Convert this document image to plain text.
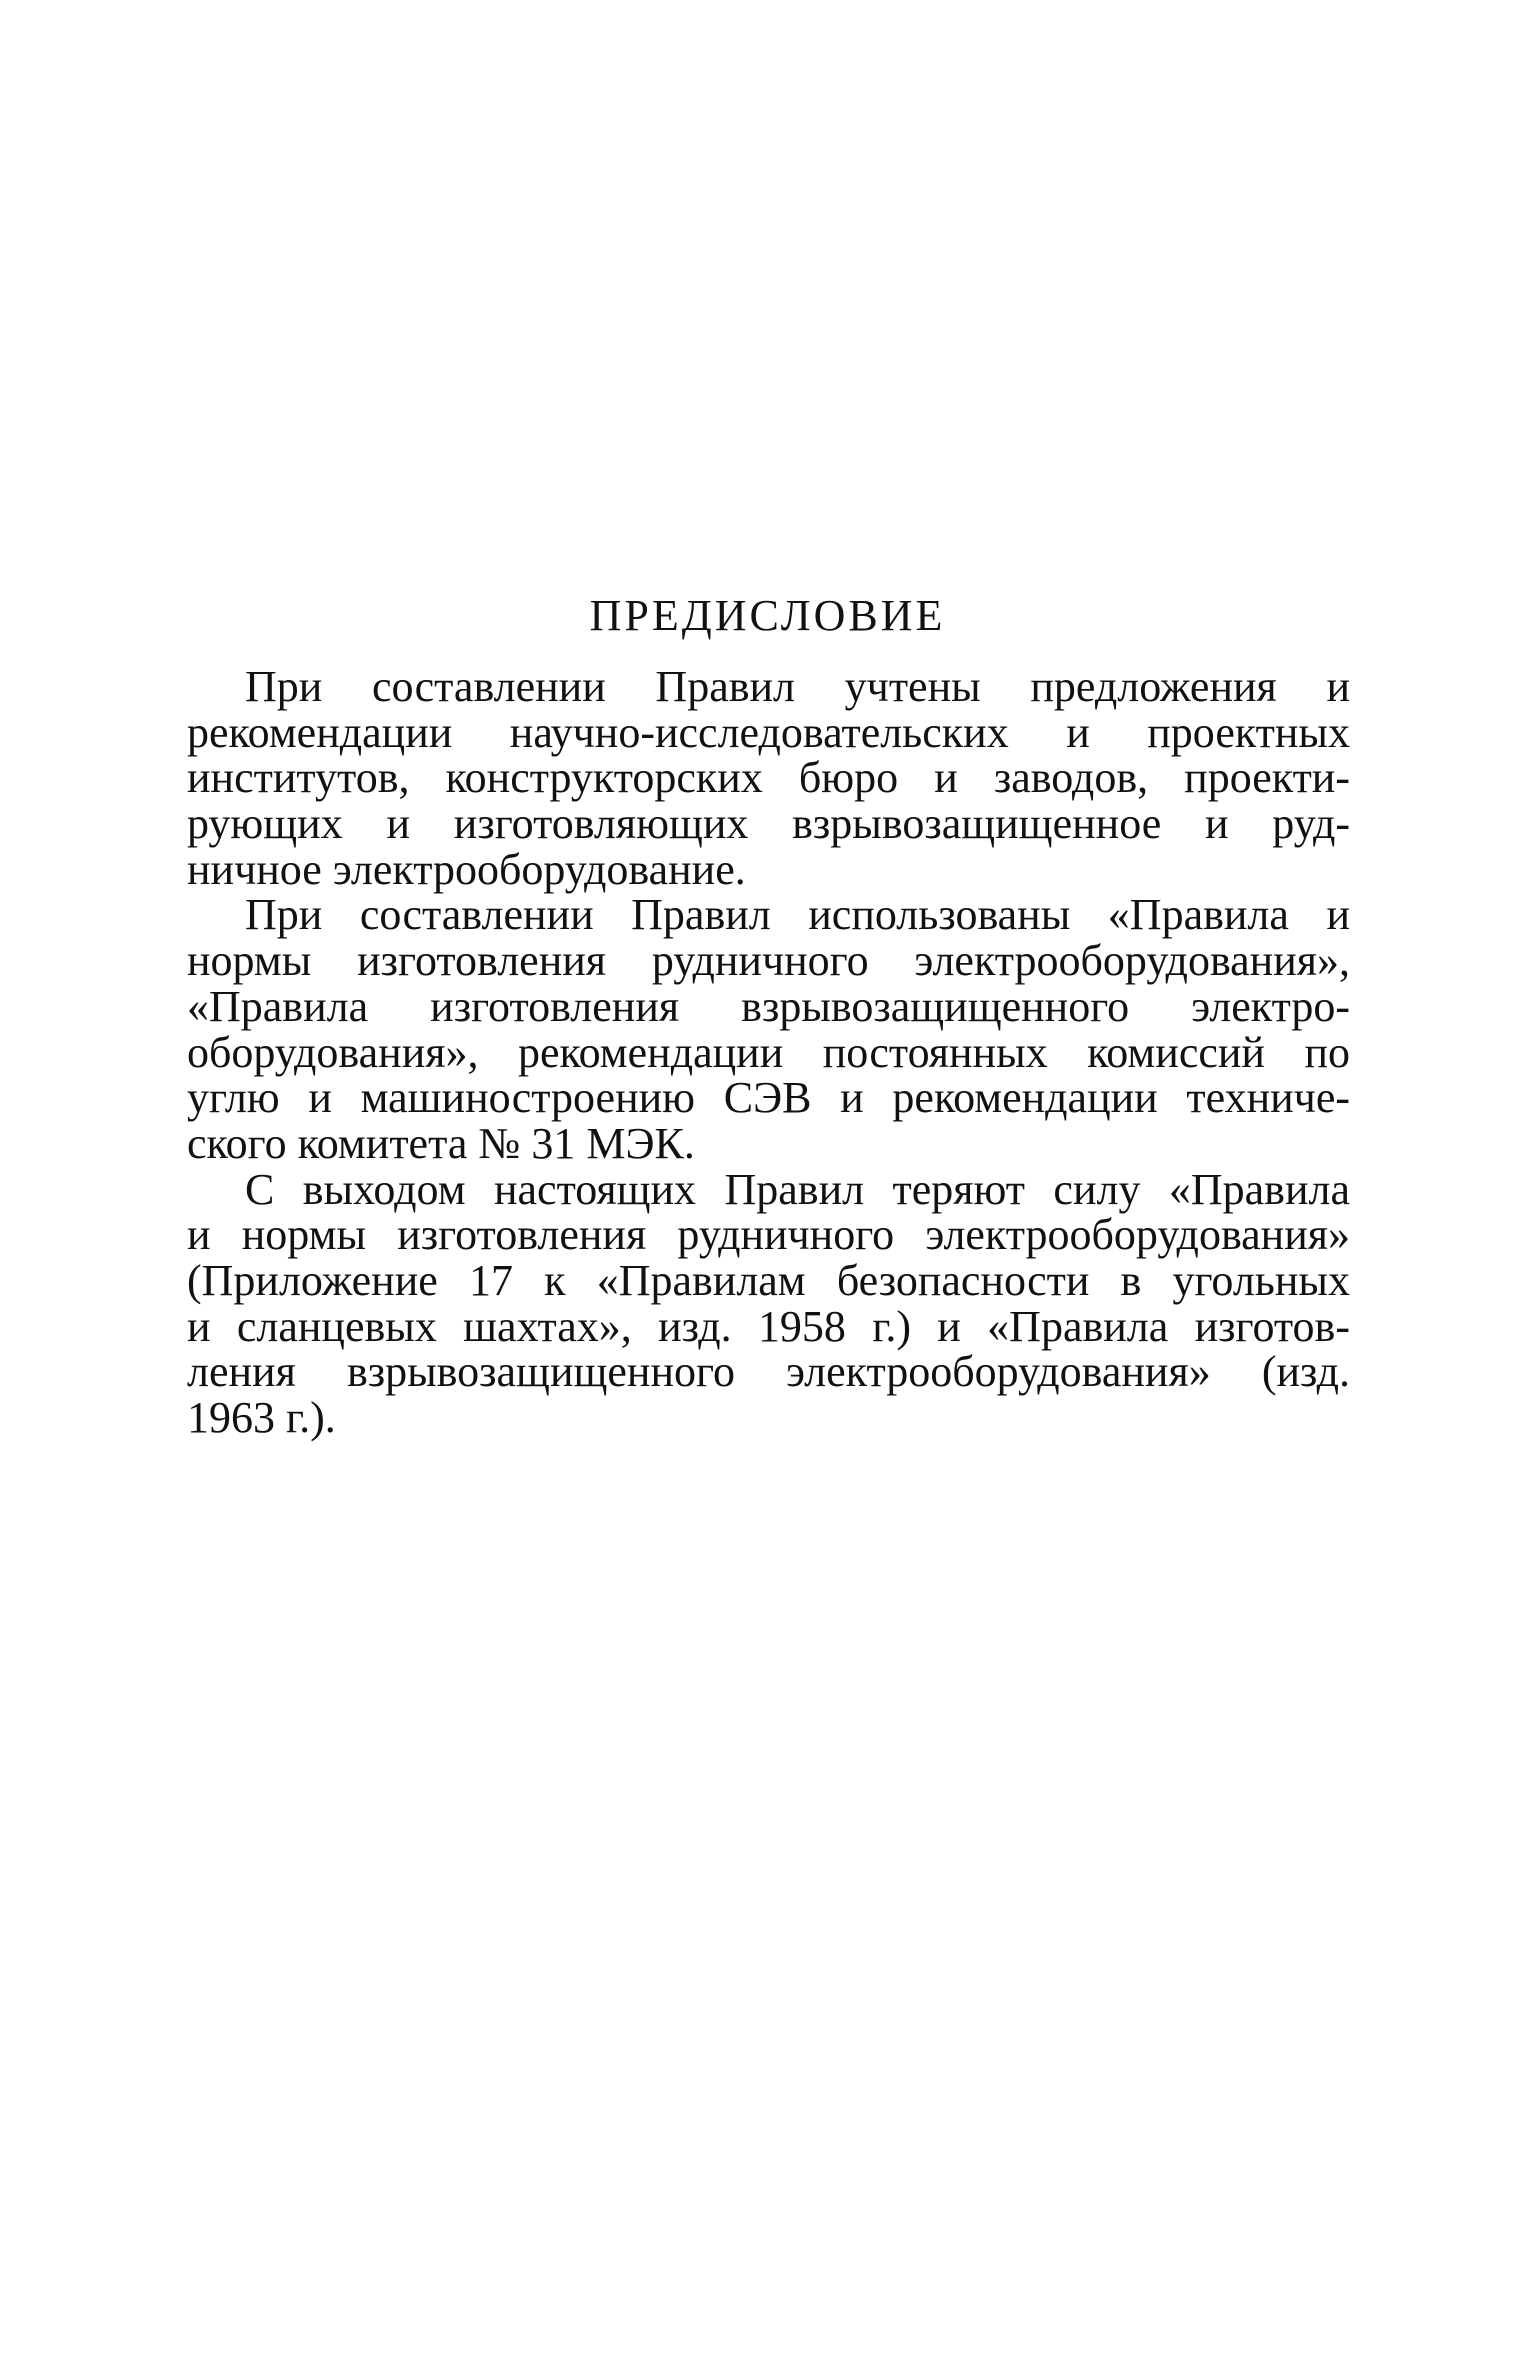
ПРЕДИСЛОВИЕ
При составлении Правил учтены предложения и
рекомендации научно-исследовательских и проектных
институтов, конструкторских бюро и заводов, проекти-
рующих и изготовляющих взрывозащищенное и руд-
ничное электрооборудование.
При составлении Правил использованы «Правила и
нормы изготовления рудничного электрооборудования»,
«Правила изготовления взрывозащищенного электро-
оборудования», рекомендации постоянных комиссий по
углю и машиностроению СЭВ и рекомендации техниче-
ского комитета № 31 МЭК.
С выходом настоящих Правил теряют силу «Правила
и нормы изготовления рудничного электрооборудования»
(Приложение 17 к «Правилам безопасности в угольных
и сланцевых шахтах», изд. 1958 г.) и «Правила изготов-
ления взрывозащищенного электрооборудования» (изд.
1963 г.).
